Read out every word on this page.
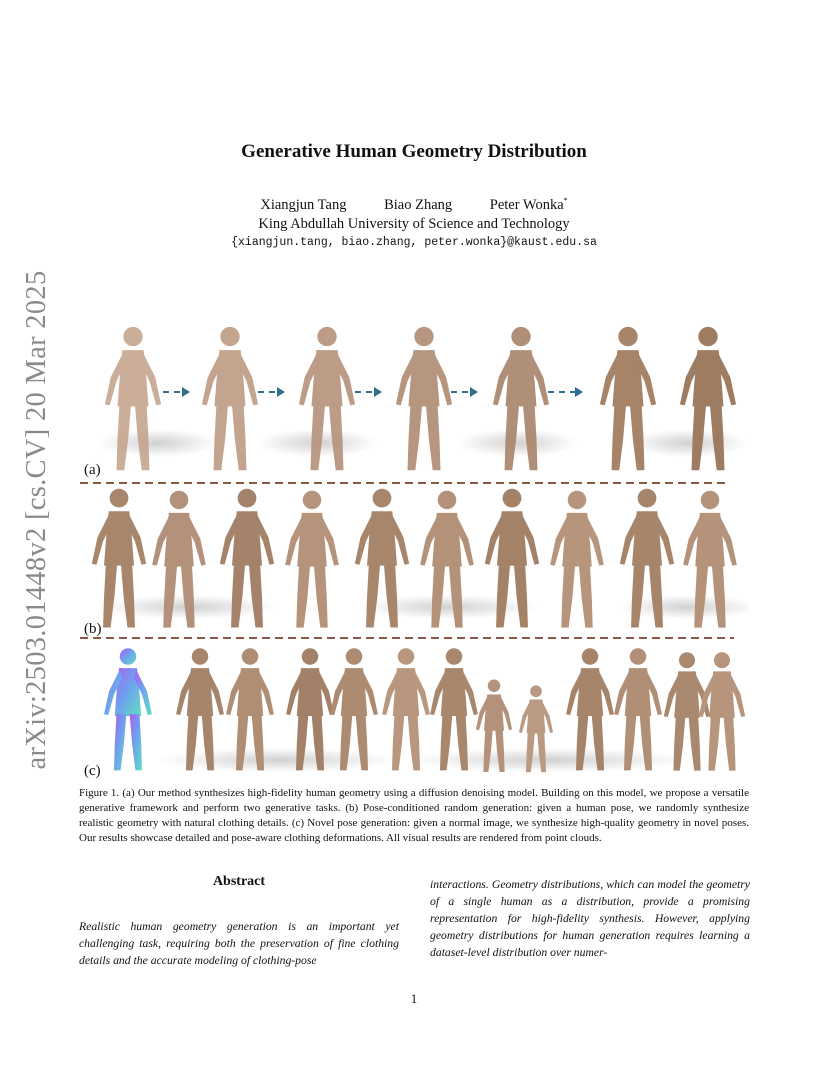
Generative Human Geometry Distribution
Xiangjun Tang	Biao Zhang	Peter Wonka*
King Abdullah University of Science and Technology
{xiangjun.tang, biao.zhang, peter.wonka}@kaust.edu.sa
arXiv:2503.01448v2 [cs.CV] 20 Mar 2025 (a)
(b)
(c)
Figure 1. (a) Our method synthesizes high-fidelity human geometry using a diffusion denoising model. Building on this model, we propose a versatile generative framework and perform two generative tasks. (b) Pose-conditioned random generation: given a human pose, we randomly synthesize realistic geometry with natural clothing details. (c) Novel pose generation: given a normal image, we synthesize high-quality geometry in novel poses. Our results showcase detailed and pose-aware clothing deformations. All visual results are rendered from point clouds.
Abstract
Realistic human geometry generation is an important yet challenging task, requiring both the preservation of fine clothing details and the accurate modeling of clothing-pose
interactions. Geometry distributions, which can model the geometry of a single human as a distribution, provide a promising representation for high-fidelity synthesis. However, applying geometry distributions for human generation requires learning a dataset-level distribution over numer-
1
